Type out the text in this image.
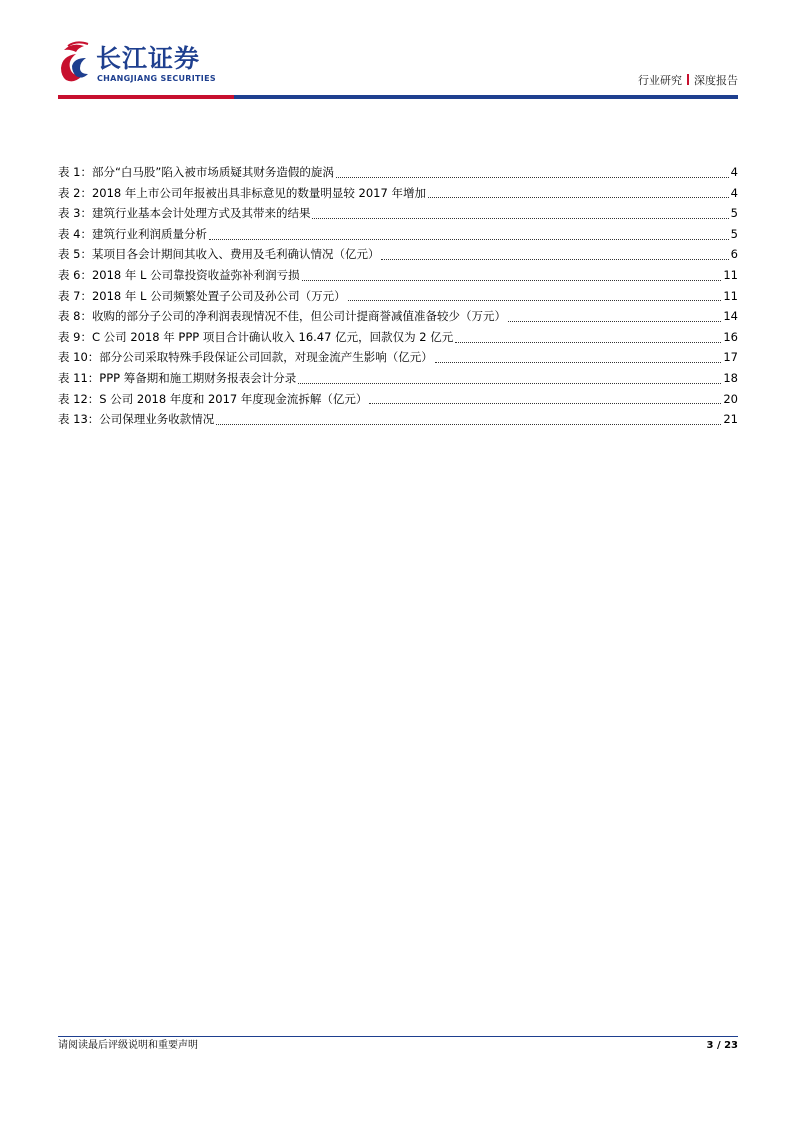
长江证券
CHANGJIANG SECURITIES	行业研究 深度报告
表 1：部分“白马股”陷入被市场质疑其财务造假的旋涡	4
表 2：2018 年上市公司年报被出具非标意见的数量明显较 2017 年增加	4
表 3：建筑行业基本会计处理方式及其带来的结果	5
表 4：建筑行业利润质量分析	5
表 5：某项目各会计期间其收入、费用及毛利确认情况（亿元）	6
表 6：2018 年 L 公司靠投资收益弥补利润亏损	11
表 7：2018 年 L 公司频繁处置子公司及孙公司（万元）	11
表 8：收购的部分子公司的净利润表现情况不佳，但公司计提商誉减值准备较少（万元）	14
表 9：C 公司 2018 年 PPP 项目合计确认收入 16.47 亿元，回款仅为 2 亿元	16
表 10：部分公司采取特殊手段保证公司回款，对现金流产生影响（亿元）	17
表 11：PPP 筹备期和施工期财务报表会计分录	18
表 12：S 公司 2018 年度和 2017 年度现金流拆解（亿元）	20
表 13：公司保理业务收款情况	21
请阅读最后评级说明和重要声明	3 / 23
